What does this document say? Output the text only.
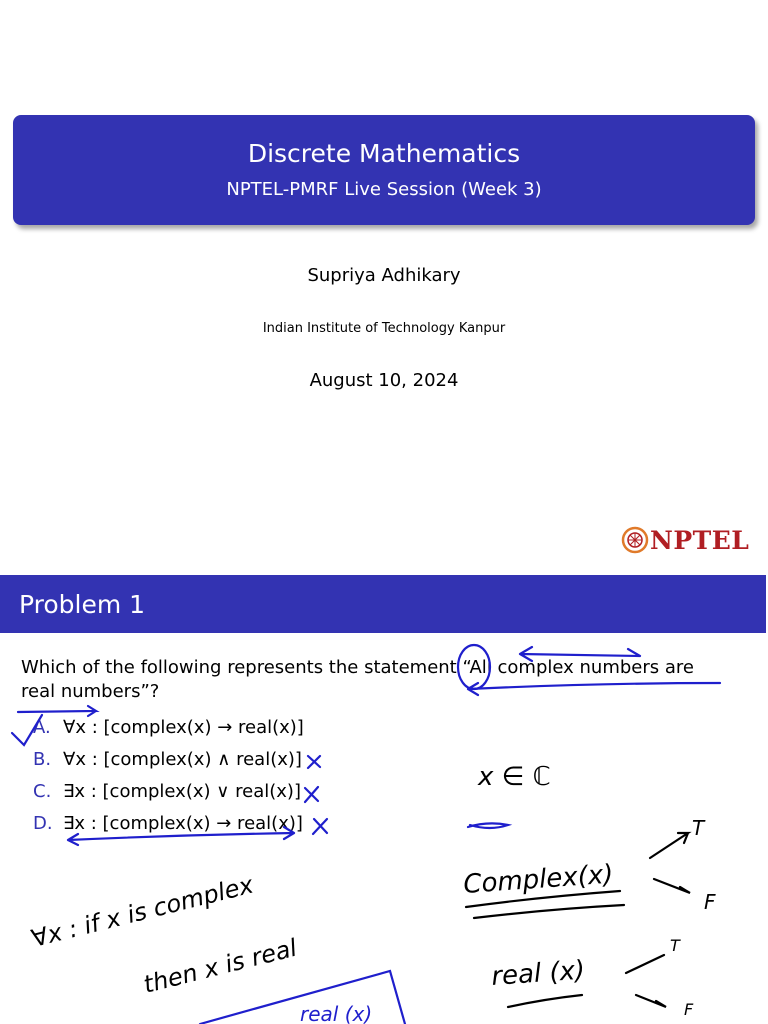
Discrete Mathematics
NPTEL-PMRF Live Session (Week 3)
Supriya Adhikary
Indian Institute of Technology Kanpur
August 10, 2024
NPTEL
Problem 1
Which of the following represents the statement “All complex numbers are real numbers”?
A. ∀x : [complex(x) → real(x)]
B. ∀x : [complex(x) ∧ real(x)]
C. ∃x : [complex(x) ∨ real(x)]
D. ∃x : [complex(x) → real(x)]
x ∈ ℂ
Complex(x)
real (x)
T
F
T
F
∀x : if x is complex
then x is real
real (x)
